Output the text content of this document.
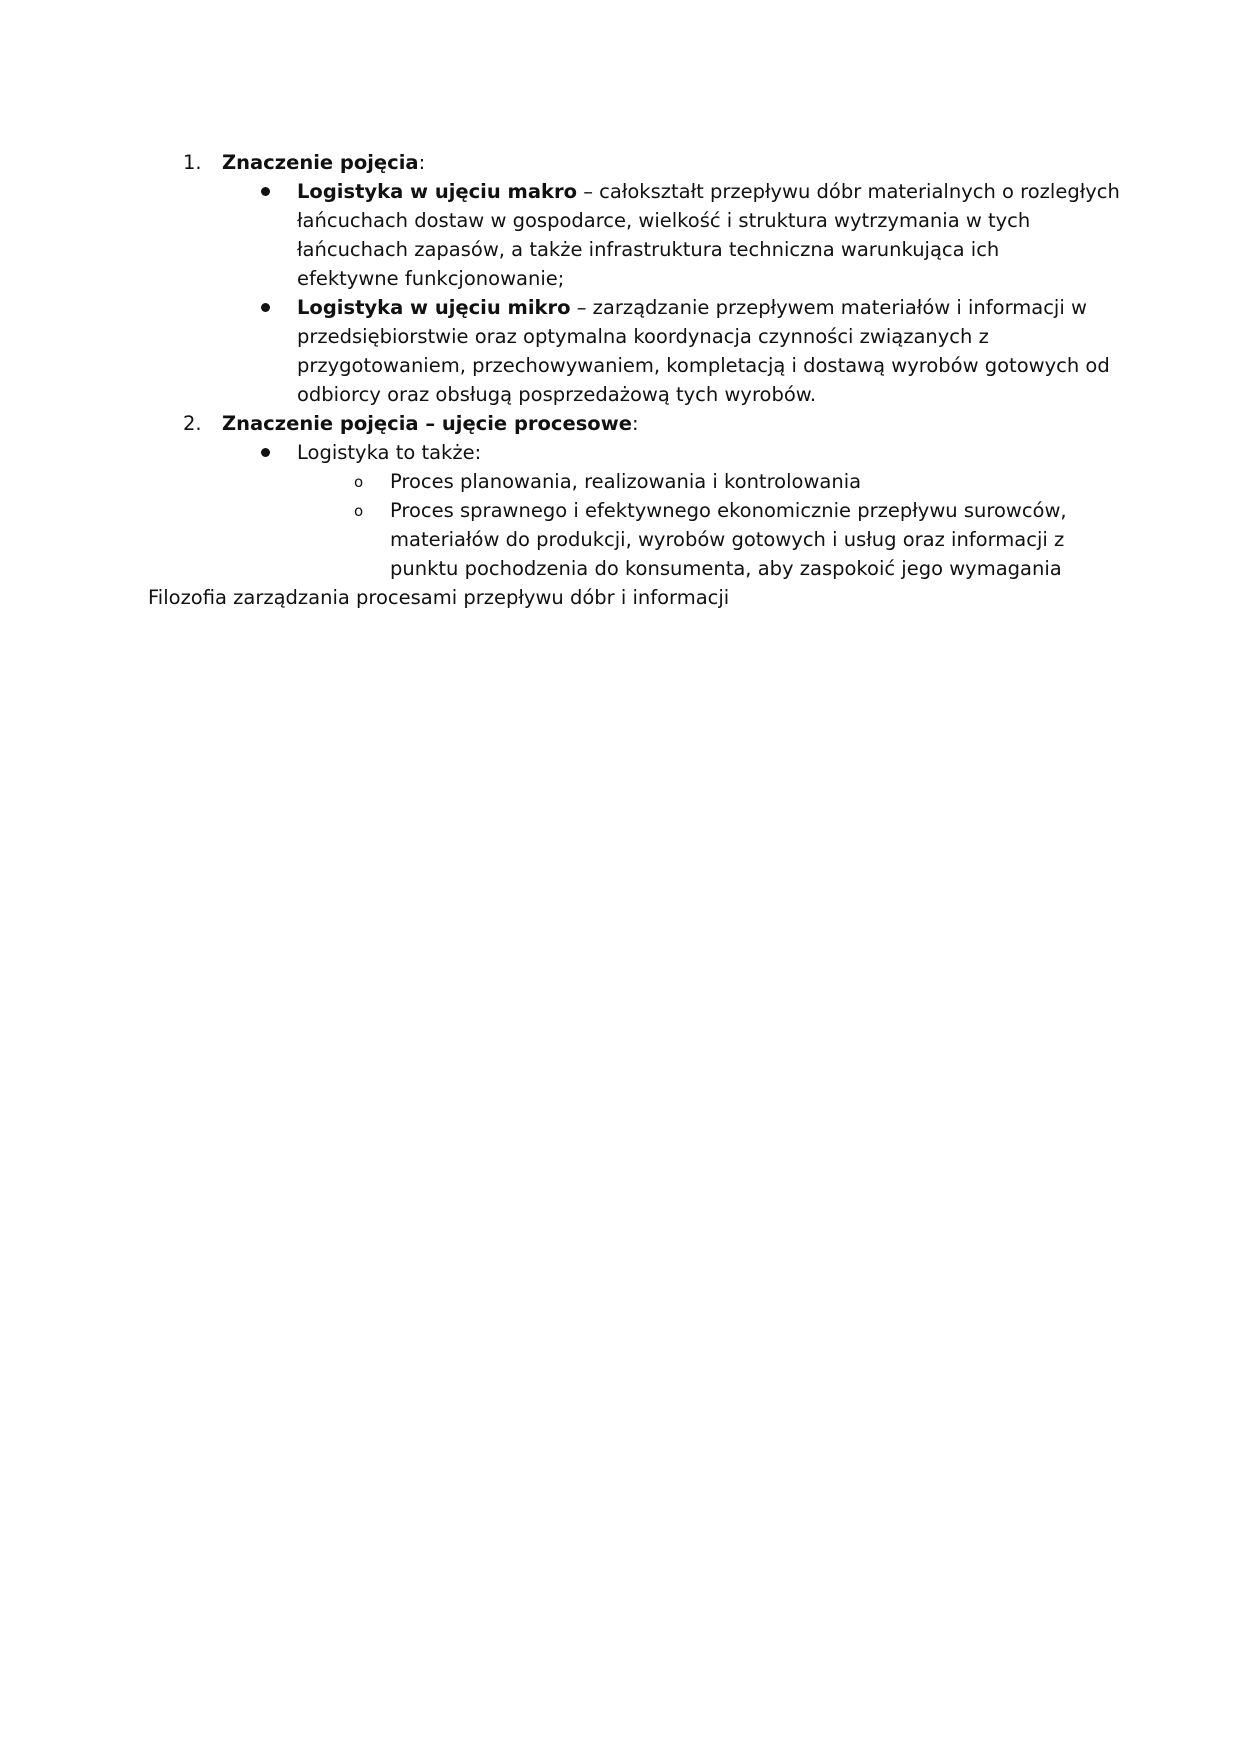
1. Znaczenie pojęcia:
Logistyka w ujęciu makro – całokształt przepływu dóbr materialnych o rozległych
łańcuchach dostaw w gospodarce, wielkość i struktura wytrzymania w tych
łańcuchach zapasów, a także infrastruktura techniczna warunkująca ich
efektywne funkcjonowanie;
Logistyka w ujęciu mikro – zarządzanie przepływem materiałów i informacji w
przedsiębiorstwie oraz optymalna koordynacja czynności związanych z
przygotowaniem, przechowywaniem, kompletacją i dostawą wyrobów gotowych od
odbiorcy oraz obsługą posprzedażową tych wyrobów.
2. Znaczenie pojęcia – ujęcie procesowe:
Logistyka to także:
o Proces planowania, realizowania i kontrolowania
o Proces sprawnego i efektywnego ekonomicznie przepływu surowców,
materiałów do produkcji, wyrobów gotowych i usług oraz informacji z
punktu pochodzenia do konsumenta, aby zaspokoić jego wymagania
Filozofia zarządzania procesami przepływu dóbr i informacji
